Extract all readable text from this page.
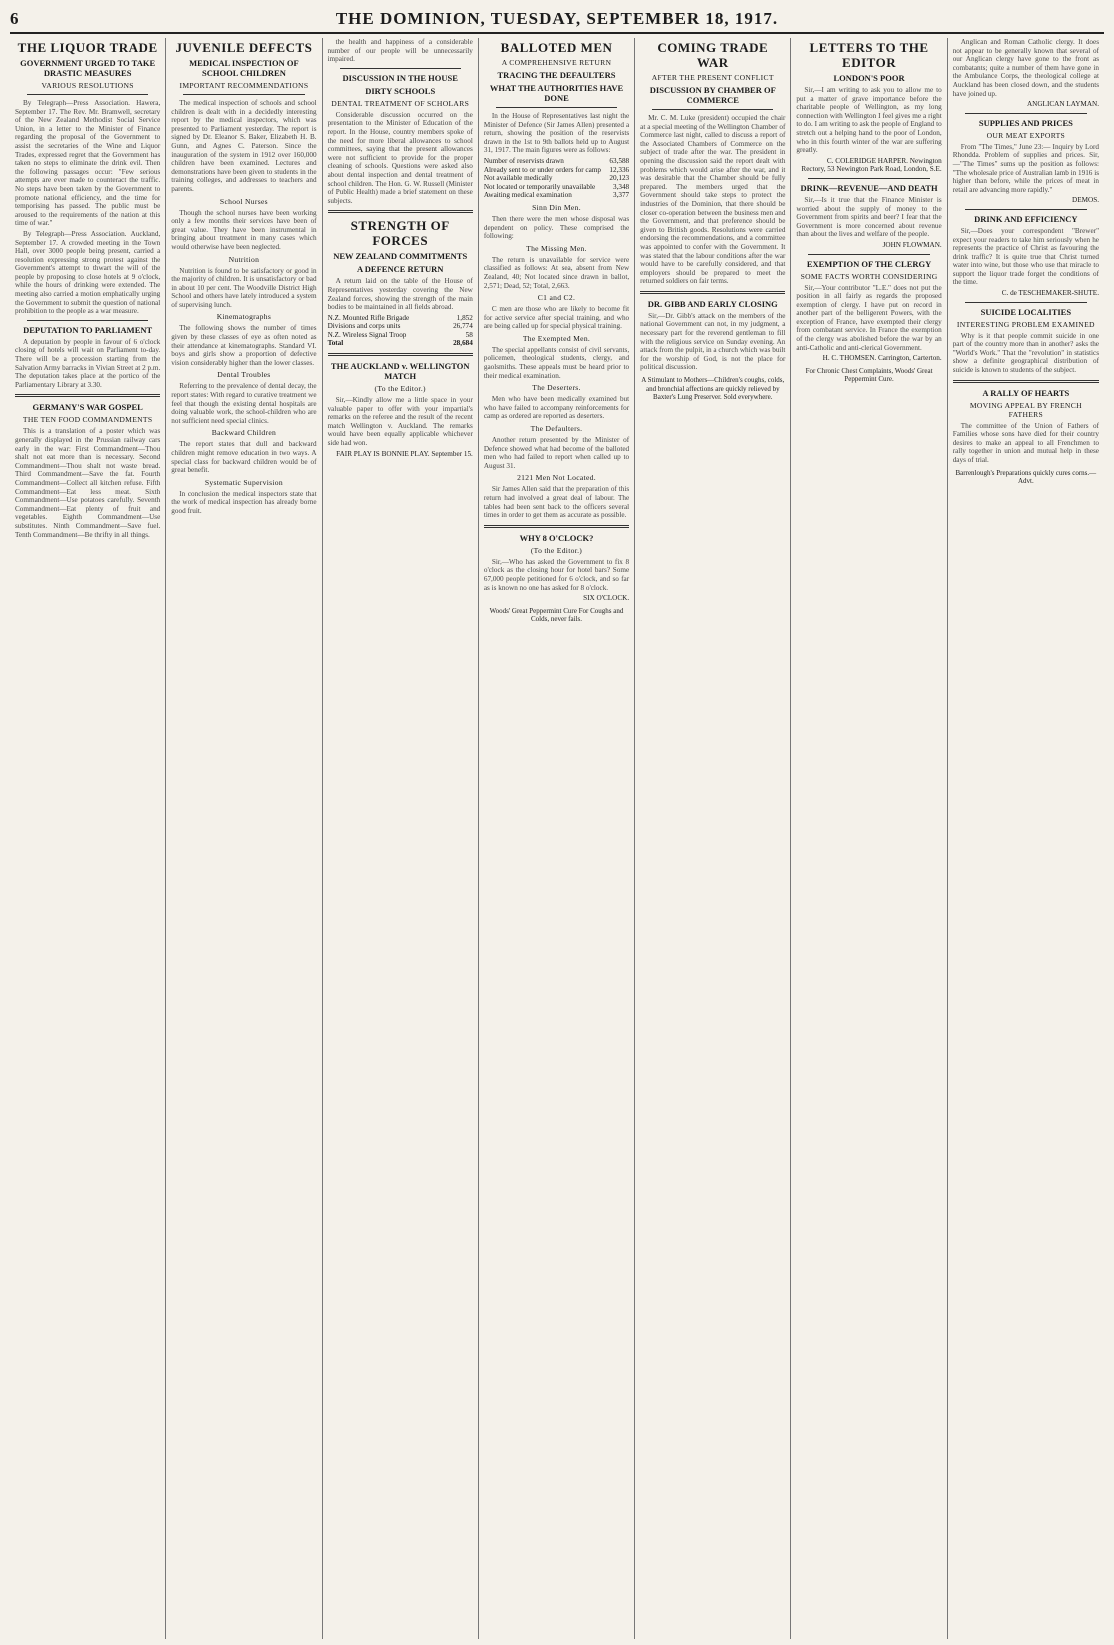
6	THE DOMINION, TUESDAY, SEPTEMBER 18, 1917.
THE LIQUOR TRADE
GOVERNMENT URGED TO TAKE DRASTIC MEASURES
VARIOUS RESOLUTIONS

By Telegraph—Press Association. Hawera, September 17. The Rev. Mr. Bramwell, secretary of the New Zealand Methodist Social Service Union, in a letter to the Minister of Finance regarding the proposal of the Government to assist the secretaries of the Wine and Liquor Trades, expressed regret that the Government has taken no steps to eliminate the drink evil. Then the following passages occur: "Few serious attempts are ever made to counteract the traffic. No steps have been taken by the Government to promote national efficiency, and the time for temporising has passed. The public must be aroused to the requirements of the nation at this time of war."

By Telegraph—Press Association. Auckland, September 17. A crowded meeting in the Town Hall, over 3000 people being present, carried a resolution expressing strong protest against the Government's attempt to thwart the will of the people by proposing to close hotels at 9 o'clock, while the hours of drinking were extended. The meeting also carried a motion emphatically urging the Government to submit the question of national prohibition to the people as a war measure.

DEPUTATION TO PARLIAMENT

A deputation by people in favour of 6 o'clock closing of hotels will wait on Parliament to-day. There will be a procession starting from the Salvation Army barracks in Vivian Street at 2 p.m. The deputation takes place at the portico of the Parliamentary Library at 3.30.

GERMANY'S WAR GOSPEL
THE TEN FOOD COMMANDMENTS

This is a translation of a poster which was generally displayed in the Prussian railway cars early in the war: First Commandment—Thou shalt not eat more than is necessary. Second Commandment—Thou shalt not waste bread. Third Commandment—Save the fat. Fourth Commandment—Collect all kitchen refuse. Fifth Commandment—Eat less meat. Sixth Commandment—Use potatoes carefully. Seventh Commandment—Eat plenty of fruit and vegetables. Eighth Commandment—Use substitutes. Ninth Commandment—Save fuel. Tenth Commandment—Be thrifty in all things.

JUVENILE DEFECTS
MEDICAL INSPECTION OF SCHOOL CHILDREN
IMPORTANT RECOMMENDATIONS

The medical inspection of schools and school children is dealt with in a decidedly interesting report by the medical inspectors, which was presented to Parliament yesterday. The report is signed by Dr. Eleanor S. Baker, Elizabeth H. B. Gunn, and Agnes C. Paterson. Since the inauguration of the system in 1912 over 160,000 children have been examined. Lectures and demonstrations have been given to students in the training colleges, and addresses to teachers and parents.

School Nurses

Though the school nurses have been working only a few months their services have been of great value. They have been instrumental in bringing about treatment in many cases which would otherwise have been neglected.

Nutrition

Nutrition is found to be satisfactory or good in the majority of children. It is unsatisfactory or bad in about 10 per cent. The Woodville District High School and others have lately introduced a system of supervising lunch.

Kinematographs

The following shows the number of times given by these classes of eye as often noted as their attendance at kinematographs. Standard VI. boys and girls show a proportion of defective vision considerably higher than the lower classes.

Dental Troubles

Referring to the prevalence of dental decay, the report states: With regard to curative treatment we feel that though the existing dental hospitals are doing valuable work, the school-children who are not sufficient need special clinics.

Backward Children

The report states that dull and backward children might remove education in two ways. A special class for backward children would be of great benefit.

Systematic Supervision

In conclusion the medical inspectors state that the work of medical inspection has already borne good fruit.

the health and happiness of a considerable number of our people will be unnecessarily impaired.

DISCUSSION IN THE HOUSE
DIRTY SCHOOLS
DENTAL TREATMENT OF SCHOLARS

Considerable discussion occurred on the presentation to the Minister of Education of the report. In the House, country members spoke of the need for more liberal allowances to school committees, saying that the present allowances were not sufficient to provide for the proper cleaning of schools. Questions were asked also about dental inspection and dental treatment of school children. The Hon. G. W. Russell (Minister of Public Health) made a brief statement on these subjects.

STRENGTH OF FORCES
NEW ZEALAND COMMITMENTS
A DEFENCE RETURN

A return laid on the table of the House of Representatives yesterday covering the New Zealand forces, showing the strength of the main bodies to be maintained in all fields abroad.

N.Z. Mounted Rifle Brigade	1,852
Divisions and corps units	26,774
N.Z. Wireless Signal Troop	58
Total	28,684
THE AUCKLAND v. WELLINGTON MATCH
(To the Editor.)

Sir,—Kindly allow me a little space in your valuable paper to offer with your impartial's remarks on the referee and the result of the recent match Wellington v. Auckland. The remarks would have been equally applicable whichever side had won.

FAIR PLAY IS BONNIE PLAY. September 15.

BALLOTED MEN
A COMPREHENSIVE RETURN
TRACING THE DEFAULTERS
WHAT THE AUTHORITIES HAVE DONE

In the House of Representatives last night the Minister of Defence (Sir James Allen) presented a return, showing the position of the reservists drawn in the 1st to 9th ballots held up to August 31, 1917. The main figures were as follows:

Number of reservists drawn	63,588
Already sent to or under orders for camp 12,336
Not available medically	20,123
Not located or temporarily unavailable 3,348
Awaiting medical examination	3,377
Sinn Din Men.

Then there were the men whose disposal was dependent on policy. These comprised the following:

The Missing Men.

The return is unavailable for service were classified as follows: At sea, absent from New Zealand, 40; Not located since drawn in ballot, 2,571; Dead, 52; Total, 2,663.

C1 and C2.

C men are those who are likely to become fit for active service after special training, and who are being called up for special physical training.

The Exempted Men.

The special appellants consist of civil servants, policemen, theological students, clergy, and gaolsmiths. These appeals must be heard prior to their medical examination.

The Deserters.

Men who have been medically examined but who have failed to accompany reinforcements for camp as ordered are reported as deserters.

The Defaulters.

Another return presented by the Minister of Defence showed what had become of the balloted men who had failed to report when called up to August 31.

2121 Men Not Located.

Sir James Allen said that the preparation of this return had involved a great deal of labour. The tables had been sent back to the officers several times in order to get them as accurate as possible.

WHY 8 O'CLOCK?
(To the Editor.)

Sir,—Who has asked the Government to fix 8 o'clock as the closing hour for hotel bars? Some 67,000 people petitioned for 6 o'clock, and so far as is known no one has asked for 8 o'clock.

SIX O'CLOCK.

Woods' Great Peppermint Cure For Coughs and Colds, never fails.
COMING TRADE WAR
AFTER THE PRESENT CONFLICT
DISCUSSION BY CHAMBER OF COMMERCE

Mr. C. M. Luke (president) occupied the chair at a special meeting of the Wellington Chamber of Commerce last night, called to discuss a report of the Associated Chambers of Commerce on the subject of trade after the war. The president in opening the discussion said the report dealt with problems which would arise after the war, and it was desirable that the Chamber should be fully prepared. The members urged that the Government should take steps to protect the industries of the Dominion, that there should be closer co-operation between the business men and the Government, and that preference should be given to British goods. Resolutions were carried endorsing the recommendations, and a committee was appointed to confer with the Government. It was stated that the labour conditions after the war would have to be carefully considered, and that employers should be prepared to meet the returned soldiers on fair terms.

DR. GIBB AND EARLY CLOSING

Sir,—Dr. Gibb's attack on the members of the national Government can not, in my judgment, a necessary part for the reverend gentleman to fill with the religious service on Sunday evening. An attack from the pulpit, in a church which was built for the worship of God, is not the place for political discussion.

A Stimulant to Mothers—Children's coughs, colds, and bronchial affections are quickly relieved by Baxter's Lung Preserver. Sold everywhere.
LETTERS TO THE EDITOR
LONDON'S POOR

Sir,—I am writing to ask you to allow me to put a matter of grave importance before the charitable people of Wellington, as my long connection with Wellington I feel gives me a right to do. I am writing to ask the people of England to stretch out a helping hand to the poor of London, who in this fourth winter of the war are suffering greatly.

C. COLERIDGE HARPER. Newington Rectory, 53 Newington Park Road, London, S.E.

DRINK—REVENUE—AND DEATH

Sir,—Is it true that the Finance Minister is worried about the supply of money to the Government from spirits and beer? I fear that the Government is more concerned about revenue than about the lives and welfare of the people.

JOHN FLOWMAN.

EXEMPTION OF THE CLERGY
SOME FACTS WORTH CONSIDERING

Sir,—Your contributor "L.E." does not put the position in all fairly as regards the proposed exemption of clergy. I have put on record in another part of the belligerent Powers, with the exception of France, have exempted their clergy from combatant service. In France the exemption of the clergy was abolished before the war by an anti-Catholic and anti-clerical Government.

H. C. THOMSEN. Carrington, Carterton.

For Chronic Chest Complaints, Woods' Great Peppermint Cure.

Anglican and Roman Catholic clergy. It does not appear to be generally known that several of our Anglican clergy have gone to the front as combatants; quite a number of them have gone in the Ambulance Corps, the theological college at Auckland has been closed down, and the students have joined up.

ANGLICAN LAYMAN.

SUPPLIES AND PRICES
OUR MEAT EXPORTS

From "The Times," June 23:— Inquiry by Lord Rhondda. Problem of supplies and prices. Sir,—"The Times" sums up the position as follows: "The wholesale price of Australian lamb in 1916 is higher than before, while the prices of meat in retail are advancing more rapidly."

DEMOS.

DRINK AND EFFICIENCY

Sir,—Does your correspondent "Brewer" expect your readers to take him seriously when he represents the practice of Christ as favouring the drink traffic? It is quite true that Christ turned water into wine, but those who use that miracle to support the liquor trade forget the conditions of the time.

C. de TESCHEMAKER-SHUTE.

SUICIDE LOCALITIES
INTERESTING PROBLEM EXAMINED

Why is it that people commit suicide in one part of the country more than in another? asks the "World's Work." That the "revolution" in statistics show a definite geographical distribution of suicide is known to students of the subject.

A RALLY OF HEARTS
MOVING APPEAL BY FRENCH FATHERS

The committee of the Union of Fathers of Families whose sons have died for their country desires to make an appeal to all Frenchmen to rally together in union and mutual help in these days of trial.

Barrenlough's Preparations quickly cures corns.—Advt.
